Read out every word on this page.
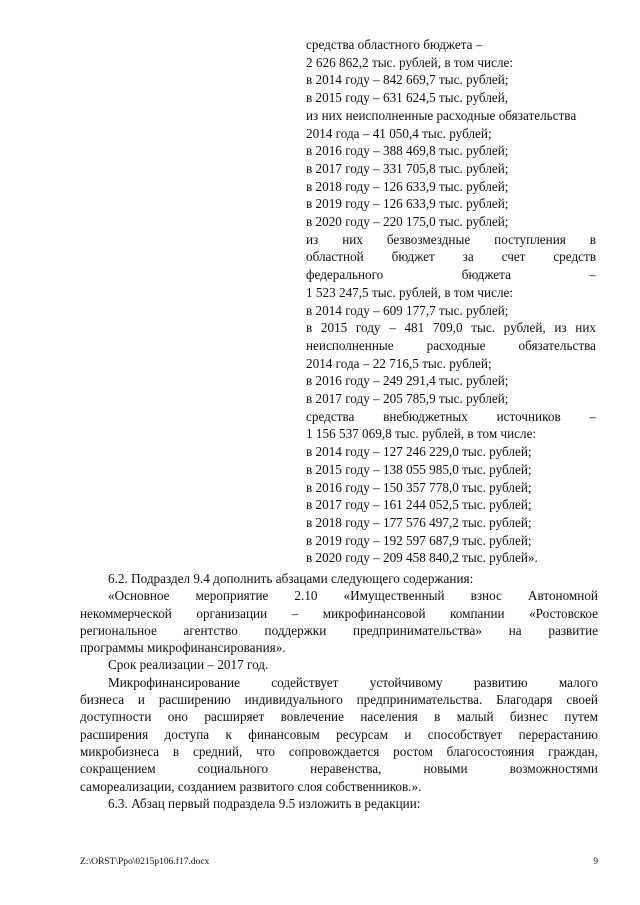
средства областного бюджета –
2 626 862,2 тыс. рублей, в том числе:
в 2014 году – 842 669,7 тыс. рублей;
в 2015 году – 631 624,5 тыс. рублей,
из них неисполненные расходные обязательства
2014 года – 41 050,4 тыс. рублей;
в 2016 году – 388 469,8 тыс. рублей;
в 2017 году – 331 705,8 тыс. рублей;
в 2018 году – 126 633,9 тыс. рублей;
в 2019 году – 126 633,9 тыс. рублей;
в 2020 году – 220 175,0 тыс. рублей;
из них безвозмездные поступления в
областной бюджет за счет средств
федерального бюджета –
1 523 247,5 тыс. рублей, в том числе:
в 2014 году – 609 177,7 тыс. рублей;
в 2015 году – 481 709,0 тыс. рублей, из них
неисполненные расходные обязательства
2014 года – 22 716,5 тыс. рублей;
в 2016 году – 249 291,4 тыс. рублей;
в 2017 году – 205 785,9 тыс. рублей;
средства внебюджетных источников –
1 156 537 069,8 тыс. рублей, в том числе:
в 2014 году – 127 246 229,0 тыс. рублей;
в 2015 году – 138 055 985,0 тыс. рублей;
в 2016 году – 150 357 778,0 тыс. рублей;
в 2017 году – 161 244 052,5 тыс. рублей;
в 2018 году – 177 576 497,2 тыс. рублей;
в 2019 году – 192 597 687,9 тыс. рублей;
в 2020 году – 209 458 840,2 тыс. рублей».
6.2. Подраздел 9.4 дополнить абзацами следующего содержания:
«Основное мероприятие 2.10 «Имущественный взнос Автономной
некоммерческой организации – микрофинансовой компании «Ростовское
региональное агентство поддержки предпринимательства» на развитие
программы микрофинансирования».
Срок реализации – 2017 год.
Микрофинансирование содействует устойчивому развитию малого
бизнеса и расширению индивидуального предпринимательства. Благодаря своей
доступности оно расширяет вовлечение населения в малый бизнес путем
расширения доступа к финансовым ресурсам и способствует перерастанию
микробизнеса в средний, что сопровождается ростом благосостояния граждан,
сокращением социального неравенства, новыми возможностями
самореализации, созданием развитого слоя собственников.».
6.3. Абзац первый подраздела 9.5 изложить в редакции:
Z:\ORST\Ppo\0215p106.f17.docx	9
